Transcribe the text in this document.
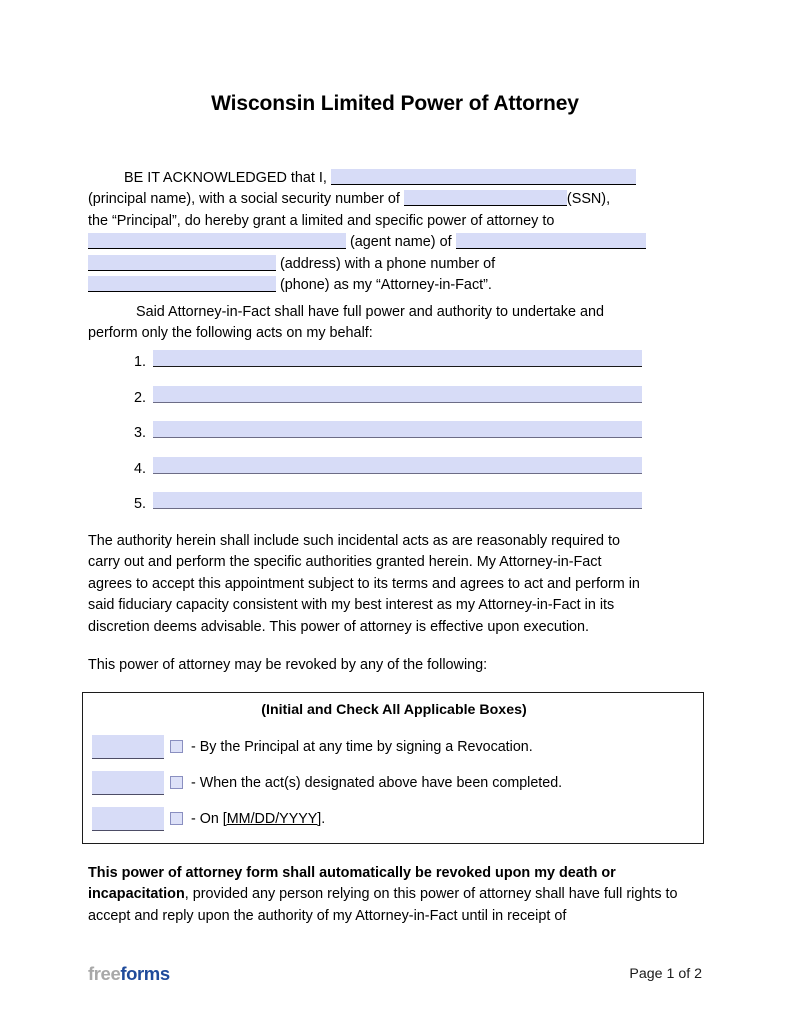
Wisconsin Limited Power of Attorney
BE IT ACKNOWLEDGED that I,
(principal name), with a social security number of	(SSN),
the “Principal”, do hereby grant a limited and specific power of attorney to
(agent name) of
(address) with a phone number of
(phone) as my “Attorney-in-Fact”.
Said Attorney-in-Fact shall have full power and authority to undertake and
perform only the following acts on my behalf:
1.
2.
3.
4.
5.
The authority herein shall include such incidental acts as are reasonably required to
carry out and perform the specific authorities granted herein. My Attorney-in-Fact
agrees to accept this appointment subject to its terms and agrees to act and perform in
said fiduciary capacity consistent with my best interest as my Attorney-in-Fact in its
discretion deems advisable. This power of attorney is effective upon execution.
This power of attorney may be revoked by any of the following:
(Initial and Check All Applicable Boxes)
- By the Principal at any time by signing a Revocation.
- When the act(s) designated above have been completed.
- On [MM/DD/YYYY].
This power of attorney form shall automatically be revoked upon my death or incapacitation, provided any person relying on this power of attorney shall have full rights to accept and reply upon the authority of my Attorney-in-Fact until in receipt of
freeforms	Page 1 of 2
